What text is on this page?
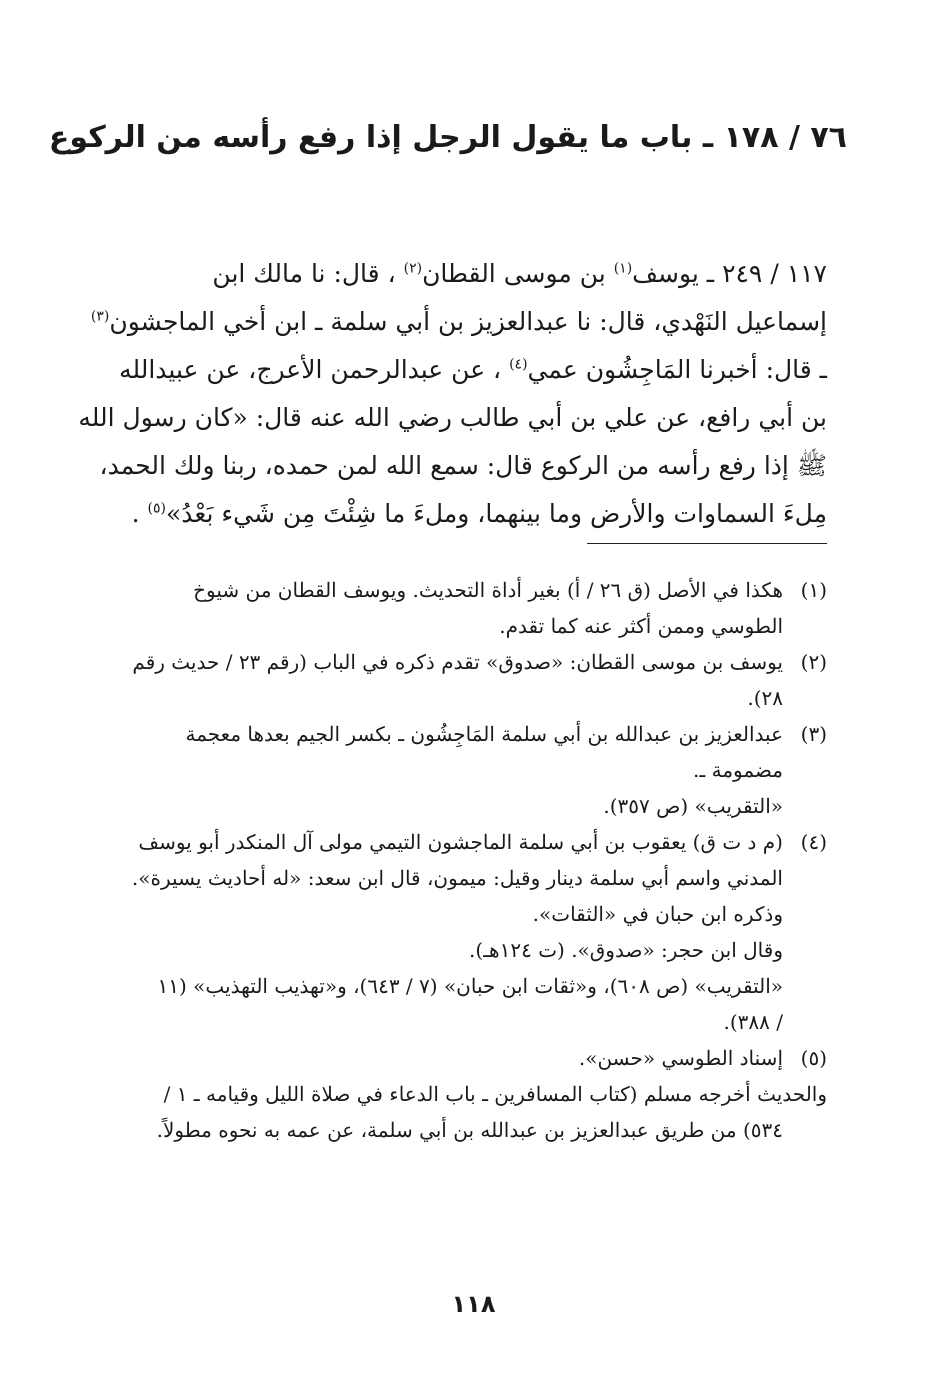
٧٦ / ١٧٨ ـ باب ما يقول الرجل إذا رفع رأسه من الركوع
١١٧ / ٢٤٩ ـ يوسف$^{(١)}$ بن موسى القطان$^{(٢)}$ ، قال: نا مالك ابن
إسماعيل النَهْدي، قال: نا عبدالعزيز بن أبي سلمة ـ ابن أخي الماجشون$^{(٣)}$
ـ قال: أخبرنا المَاجِشُون عمي$^{(٤)}$ ، عن عبدالرحمن الأعرج، عن عبيدالله
بن أبي رافع، عن علي بن أبي طالب رضي الله عنه قال: «كان رسول الله
ﷺ إذا رفع رأسه من الركوع قال: سمع الله لمن حمده، ربنا ولك الحمد،
مِلءَ السماوات والأرض وما بينهما، وملءَ ما شِئْتَ مِن شَيء بَعْدُ»$^{(٥)}$ .
(١)هكذا في الأصل (ق ٢٦ / أ) بغير أداة التحديث. ويوسف القطان من شيوخ
الطوسي وممن أكثر عنه كما تقدم.
(٢)يوسف بن موسى القطان: «صدوق» تقدم ذكره في الباب (رقم ٢٣ / حديث رقم
٢٨).
(٣)عبدالعزيز بن عبدالله بن أبي سلمة المَاجِشُون ـ بكسر الجيم بعدها معجمة
مضمومة ـ.
«التقريب» (ص ٣٥٧).
(٤)(م د ت ق) يعقوب بن أبي سلمة الماجشون التيمي مولى آل المنكدر أبو يوسف
المدني واسم أبي سلمة دينار وقيل: ميمون، قال ابن سعد: «له أحاديث يسيرة».
وذكره ابن حبان في «الثقات».
وقال ابن حجر: «صدوق». (ت ١٢٤هـ).
«التقريب» (ص ٦٠٨)، و«ثقات ابن حبان» (٧ / ٦٤٣)، و«تهذيب التهذيب» (١١
/ ٣٨٨).
(٥)إسناد الطوسي «حسن».
والحديث أخرجه مسلم (كتاب المسافرين ـ باب الدعاء في صلاة الليل وقيامه ـ ١ /
٥٣٤) من طريق عبدالعزيز بن عبدالله بن أبي سلمة، عن عمه به نحوه مطولاً.
١١٨
